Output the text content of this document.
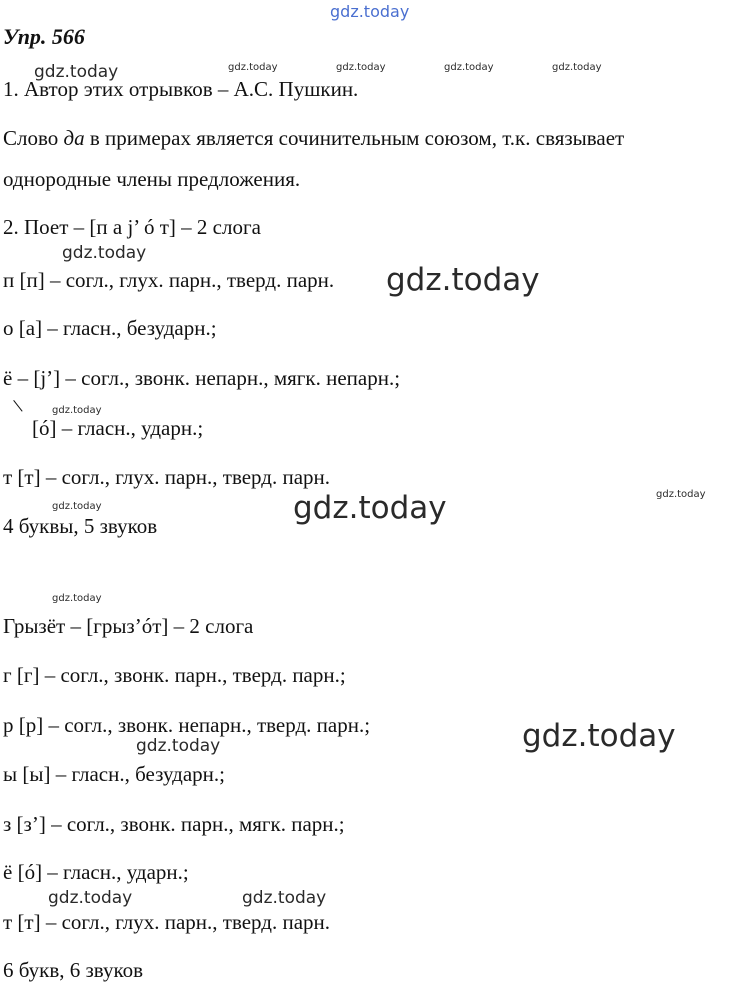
gdz.today
Упр. 566
gdz.today	gdz.today	gdz.today	gdz.today	gdz.today
1. Автор этих отрывков – А.С. Пушкин.
Слово да в примерах является сочинительным союзом, т.к. связывает
однородные члены предложения.
2. Поет – [п а j’ ó т] – 2 слога
gdz.today
п [п] – согл., глух. парн., тверд. парн. gdz.today
о [а] – гласн., безударн.;
ё – [j’] – согл., звонк. непарн., мягк. непарн.;
gdz.today
[ó] – гласн., ударн.;
т [т] – согл., глух. парн., тверд. парн.
gdz.today
gdz.today	gdz.today
4 буквы, 5 звуков
gdz.today
Грызёт – [грыз’óт] – 2 слога
г [г] – согл., звонк. парн., тверд. парн.;
р [р] – согл., звонк. непарн., тверд. парн.;	gdz.today
gdz.today
ы [ы] – гласн., безударн.;
з [з’] – согл., звонк. парн., мягк. парн.;
ё [ó] – гласн., ударн.;
gdz.today	gdz.today
т [т] – согл., глух. парн., тверд. парн.
6 букв, 6 звуков
